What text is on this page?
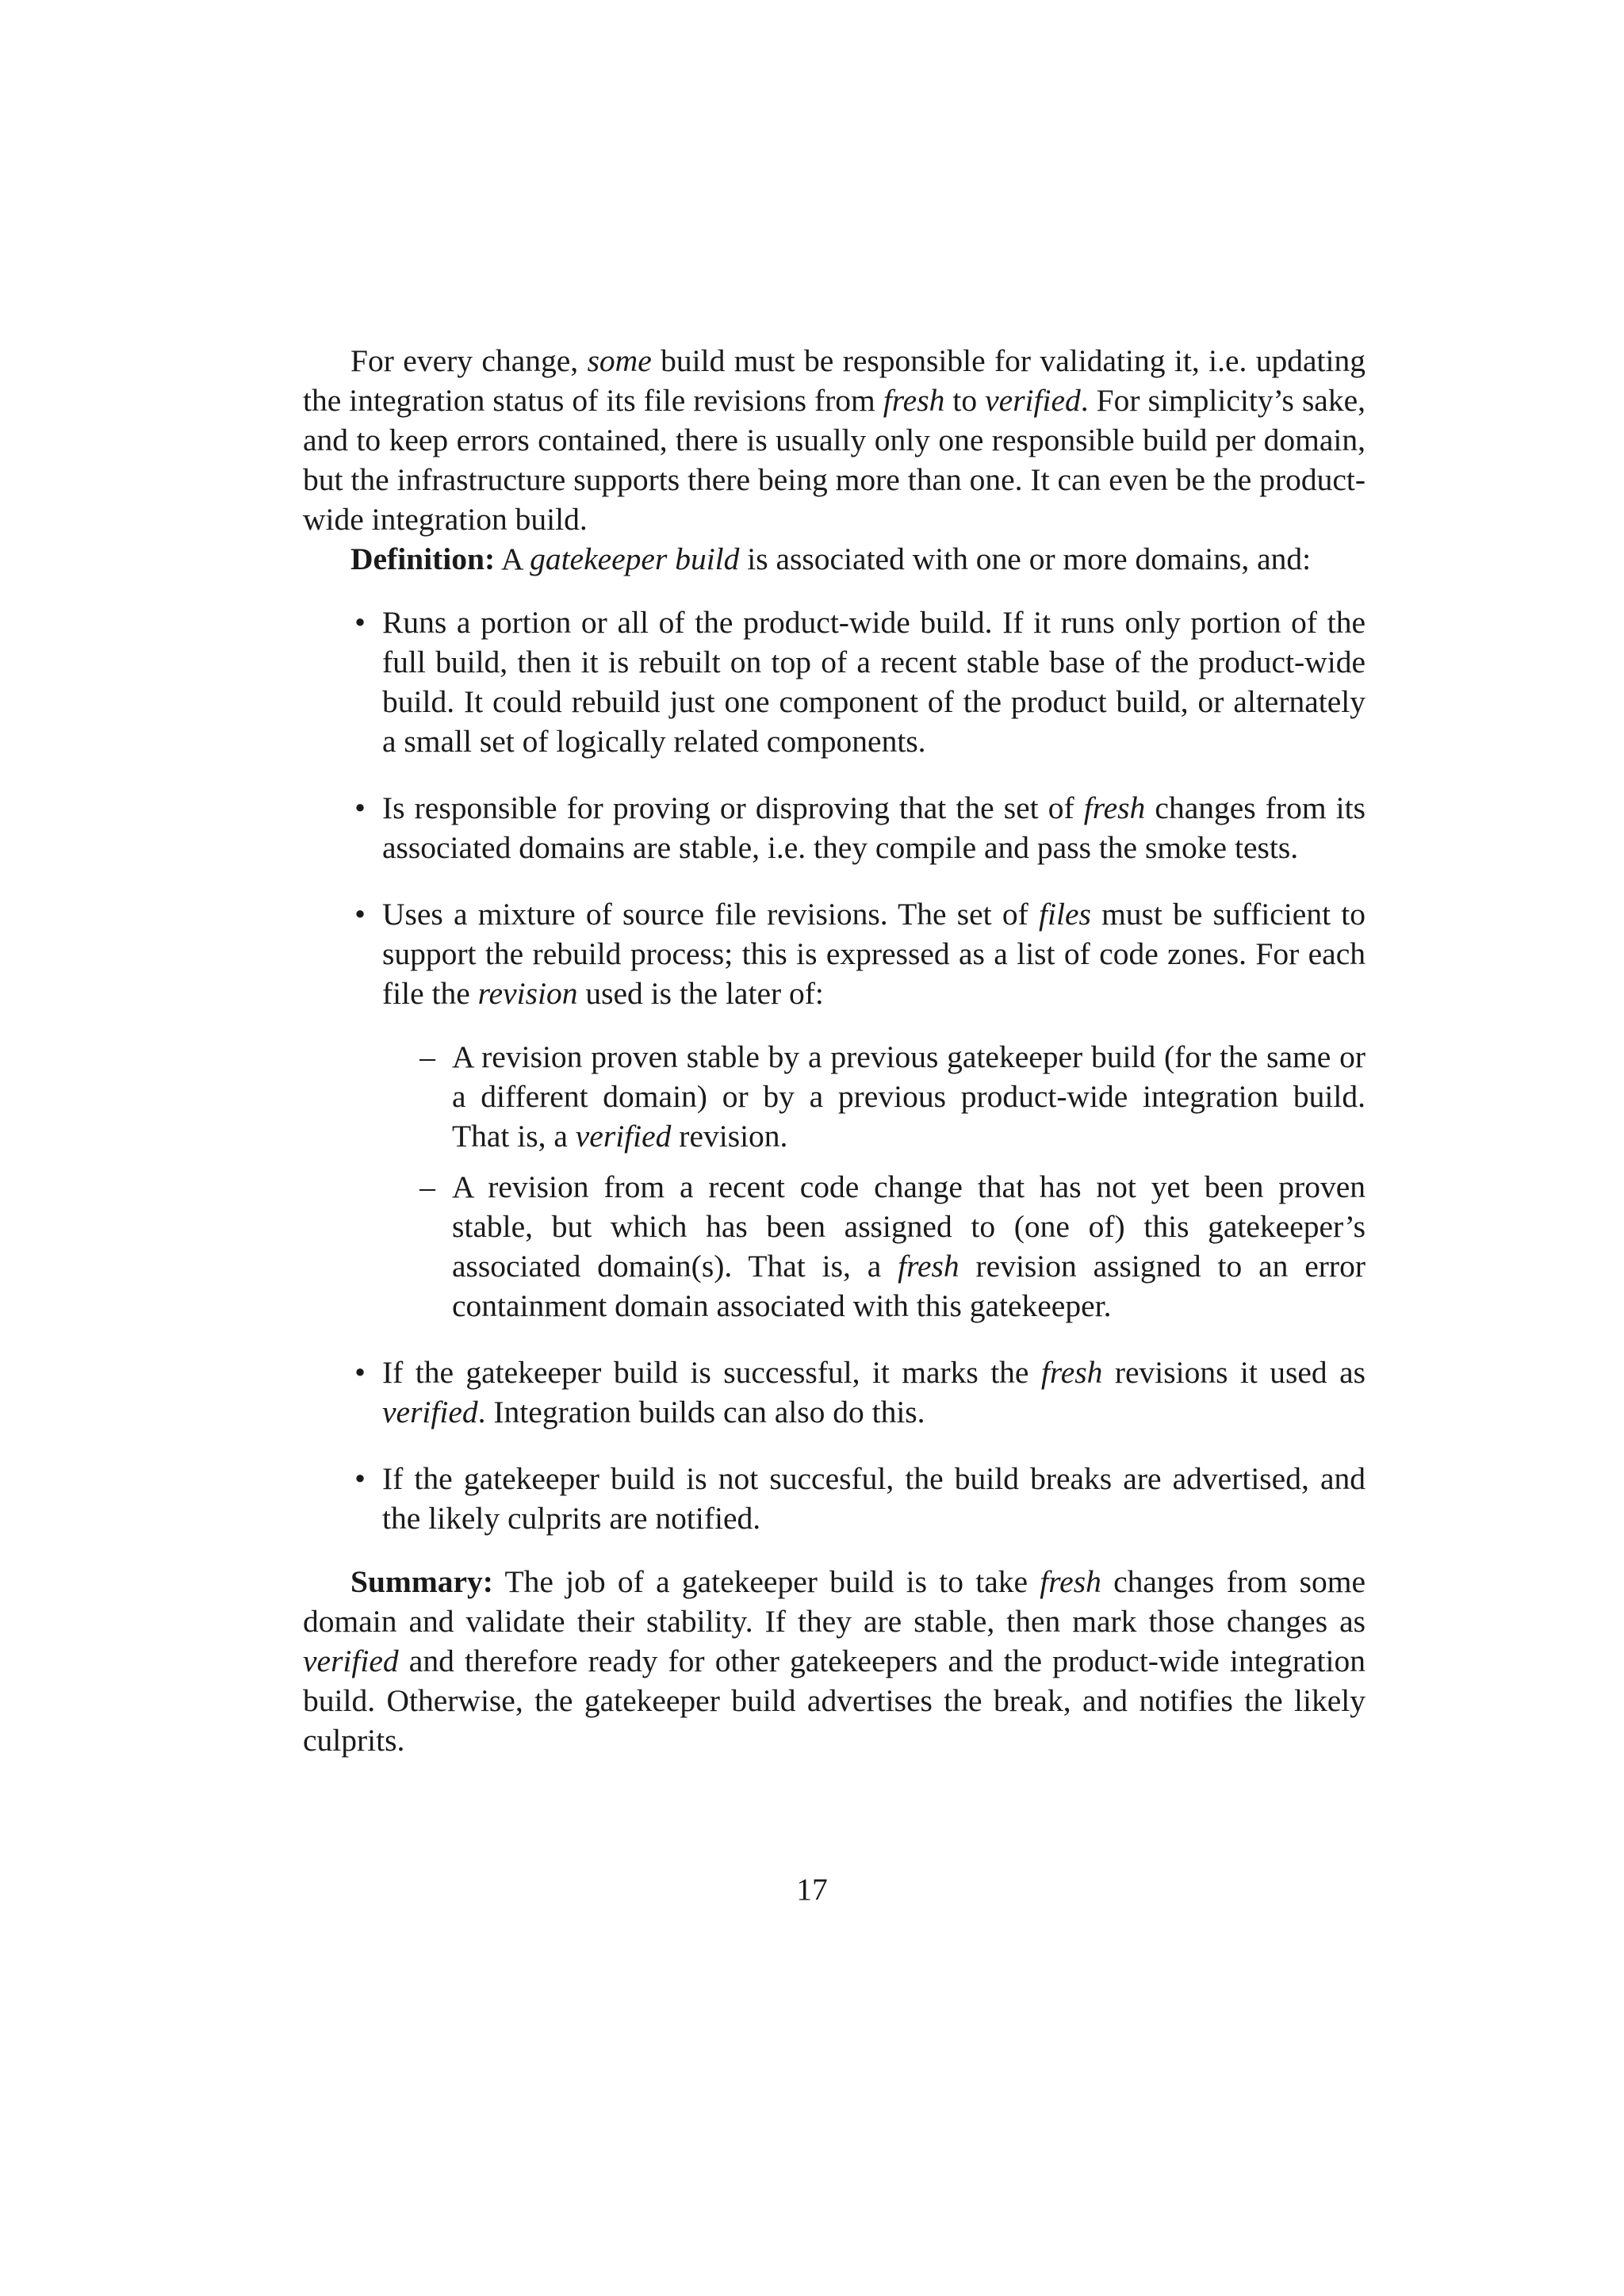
For every change, some build must be responsible for validating it, i.e. updating the integration status of its file revisions from fresh to verified. For simplicity’s sake, and to keep errors contained, there is usually only one responsible build per domain, but the infrastructure supports there being more than one. It can even be the product-wide integration build.

Definition: A gatekeeper build is associated with one or more domains, and:

• Runs a portion or all of the product-wide build. If it runs only portion of the full build, then it is rebuilt on top of a recent stable base of the product-wide build. It could rebuild just one component of the product build, or alternately a small set of logically related components.
• Is responsible for proving or disproving that the set of fresh changes from its associated domains are stable, i.e. they compile and pass the smoke tests.
• Uses a mixture of source file revisions. The set of files must be sufficient to support the rebuild process; this is expressed as a list of code zones. For each file the revision used is the later of:
– A revision proven stable by a previous gatekeeper build (for the same or a different domain) or by a previous product-wide integration build. That is, a verified revision.
– A revision from a recent code change that has not yet been proven stable, but which has been assigned to (one of) this gatekeeper’s associated domain(s). That is, a fresh revision assigned to an error containment domain associated with this gatekeeper.
• If the gatekeeper build is successful, it marks the fresh revisions it used as verified. Integration builds can also do this.
• If the gatekeeper build is not succesful, the build breaks are advertised, and the likely culprits are notified.

Summary: The job of a gatekeeper build is to take fresh changes from some domain and validate their stability. If they are stable, then mark those changes as verified and therefore ready for other gatekeepers and the product-wide integration build. Otherwise, the gatekeeper build advertises the break, and notifies the likely culprits.

17
